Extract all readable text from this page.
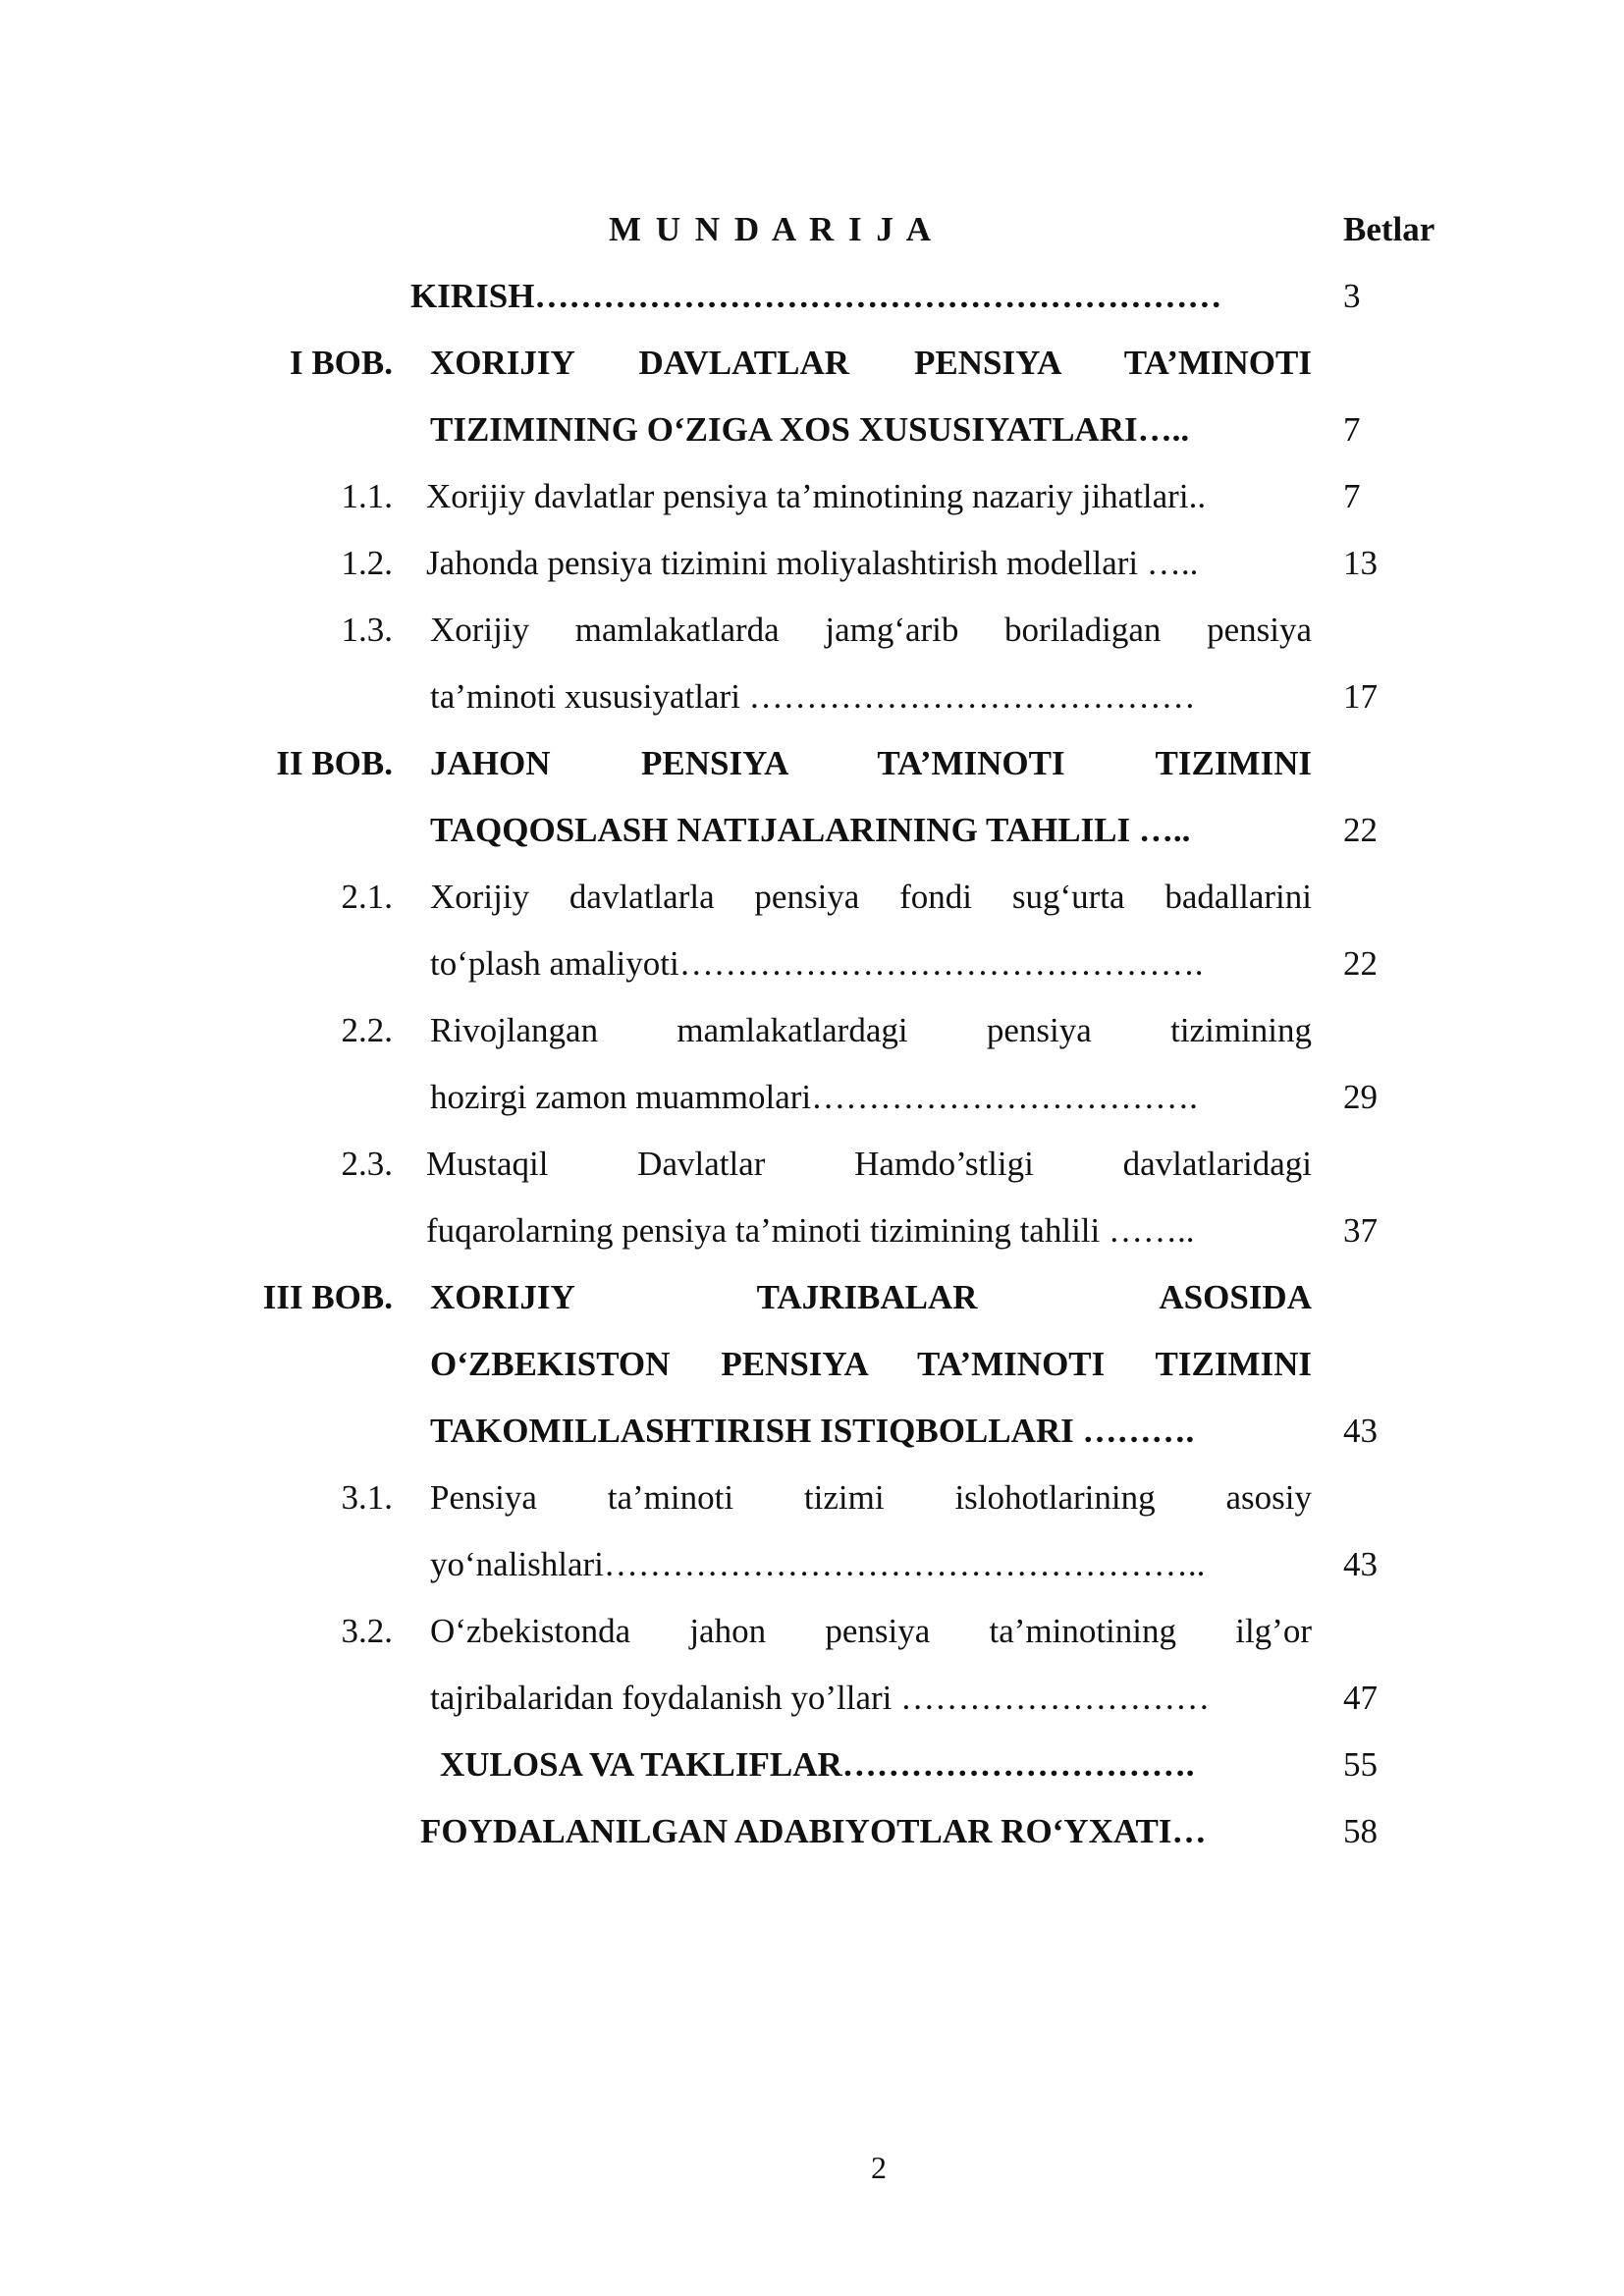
M U N D A R I J A	Betlar
KIRISH……………………………………………………	3
I BOB. XORIJIY DAVLATLAR PENSIYA TA’MINOTI
TIZIMINING O‘ZIGA XOS XUSUSIYATLARI…..	7
1.1. Xorijiy davlatlar pensiya ta’minotining nazariy jihatlari..	7
1.2. Jahonda pensiya tizimini moliyalashtirish modellari …..	13
1.3. Xorijiy mamlakatlarda jamg‘arib boriladigan pensiya
ta’minoti xususiyatlari …………………………………	17
II BOB. JAHON PENSIYA TA’MINOTI TIZIMINI
TAQQOSLASH NATIJALARINING TAHLILI …..	22
2.1. Xorijiy davlatlarla pensiya fondi sug‘urta badallarini
to‘plash amaliyoti……………………………………….	22
2.2. Rivojlangan mamlakatlardagi pensiya tizimining
hozirgi zamon muammolari…………………………….	29
2.3. Mustaqil Davlatlar Hamdo’stligi davlatlaridagi
fuqarolarning pensiya ta’minoti tizimining tahlili ……..	37
III BOB. XORIJIY TAJRIBALAR ASOSIDA
O‘ZBEKISTON PENSIYA TA’MINOTI TIZIMINI
TAKOMILLASHTIRISH ISTIQBOLLARI ……….	43
3.1. Pensiya ta’minoti tizimi islohotlarining asosiy
yo‘nalishlari……………………………………………..	43
3.2. O‘zbekistonda jahon pensiya ta’minotining ilg’or
tajribalaridan foydalanish yo’llari ………………………	47
XULOSA VA TAKLIFLAR………………………….	55
FOYDALANILGAN ADABIYOTLAR RO‘YXATI…	58
2
